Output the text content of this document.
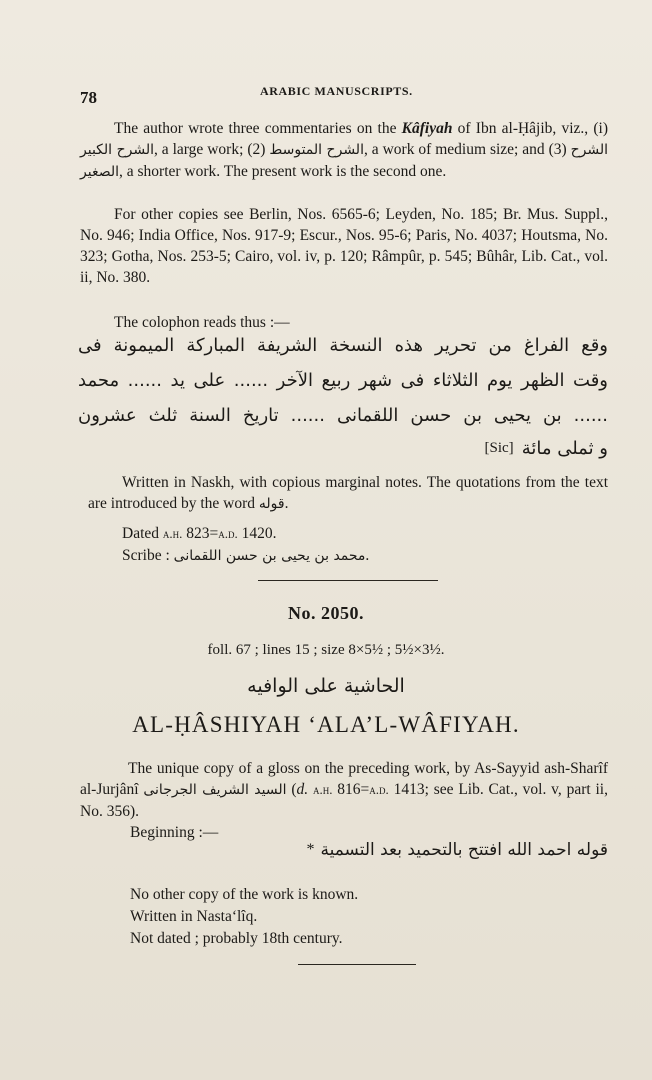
78	ARABIC MANUSCRIPTS.

The author wrote three commentaries on the Kâfiyah of Ibn al-Ḥâjib, viz., (i) الشرح الكبير, a large work; (2) الشرح المتوسط, a work of medium size; and (3) الشرح الصغير, a shorter work. The present work is the second one.

For other copies see Berlin, Nos. 6565-6; Leyden, No. 185; Br. Mus. Suppl., No. 946; India Office, Nos. 917-9; Escur., Nos. 95-6; Paris, No. 4037; Houtsma, No. 323; Gotha, Nos. 253-5; Cairo, vol. iv, p. 120; Râmpûr, p. 545; Bûhâr, Lib. Cat., vol. ii, No. 380.

The colophon reads thus :—
وقع الفراغ من تحرير هذه النسخة الشريفة المباركة الميمونة فى
وقت الظهر يوم الثلاثاء فى شهر ربيع الآخر ...... على يد ...... محمد
...... بن يحيى بن حسن اللقمانى ...... تاريخ السنة ثلث عشرون
[Sic] و ثملى مائة

Written in Naskh, with copious marginal notes. The quotations from the text are introduced by the word قوله.

Dated a.h. 823=a.d. 1420.
Scribe : محمد بن يحيى بن حسن اللقمانى.
No. 2050.
foll. 67 ; lines 15 ; size 8×5½ ; 5½×3½.
الحاشية على الوافيه
AL-ḤÂSHIYAH ‘ALA’L-WÂFIYAH.

The unique copy of a gloss on the preceding work, by As-Sayyid ash-Sharîf al-Jurjânî السيد الشريف الجرجانى (d. a.h. 816=a.d. 1413; see Lib. Cat., vol. v, part ii, No. 356).

Beginning :—
* قوله احمد الله افتتح بالتحميد بعد التسمية
No other copy of the work is known.
Written in Nasta‘lîq.
Not dated ; probably 18th century.
